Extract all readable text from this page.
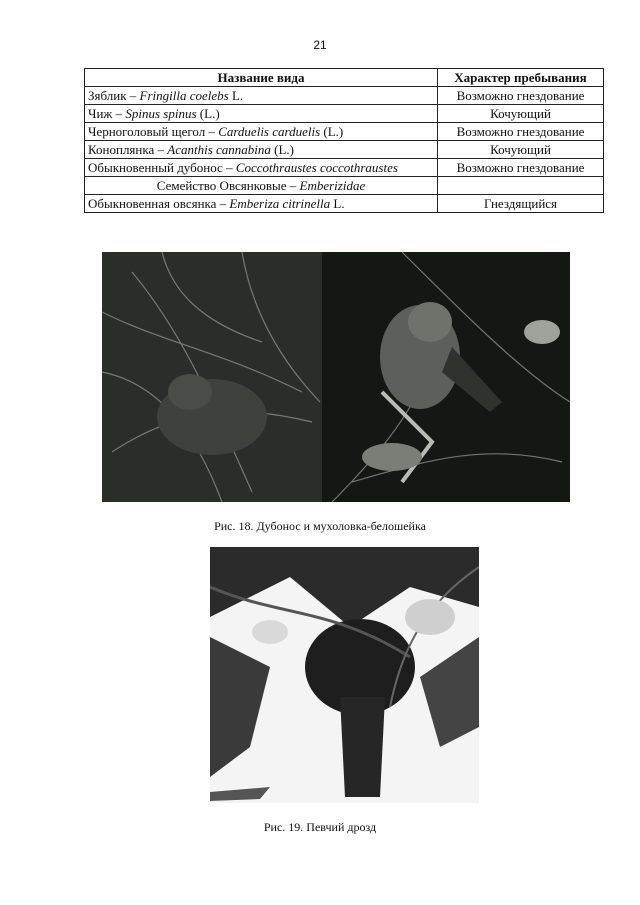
21
Название вида	Характер пребывания
Зяблик – Fringilla coelebs L.	Возможно гнездование
Чиж – Spinus spinus (L.)	Кочующий
Черноголовый щегол – Carduelis carduelis (L.)	Возможно гнездование
Коноплянка – Acanthis cannabina (L.)	Кочующий
Обыкновенный дубонос – Coccothraustes coccothraustes	Возможно гнездование
Семейство Овсянковые – Emberizidae	
Обыкновенная овсянка – Emberiza citrinella L.	Гнездящийся
Рис. 18. Дубонос и мухоловка-белошейка
Рис. 19. Певчий дрозд
